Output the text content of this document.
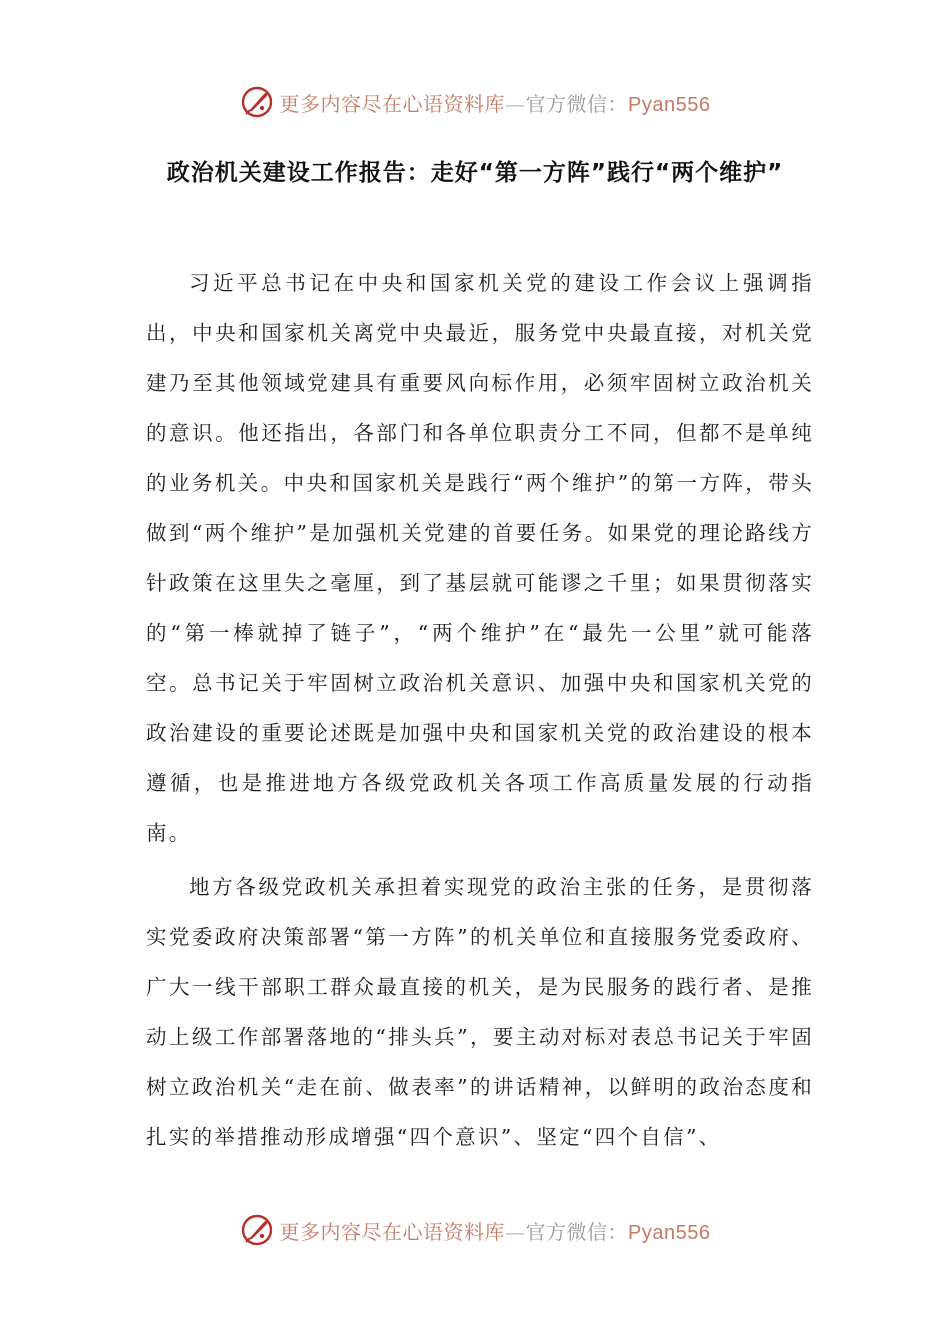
更多内容尽在心语资料库—官方微信：Pyan556
政治机关建设工作报告：走好“第一方阵”践行“两个维护”

习近平总书记在中央和国家机关党的建设工作会议上强调指出，中央和国家机关离党中央最近，服务党中央最直接，对机关党建乃至其他领域党建具有重要风向标作用，必须牢固树立政治机关的意识。他还指出，各部门和各单位职责分工不同，但都不是单纯的业务机关。中央和国家机关是践行“两个维护”的第一方阵，带头做到“两个维护”是加强机关党建的首要任务。如果党的理论路线方针政策在这里失之毫厘，到了基层就可能谬之千里；如果贯彻落实的“第一棒就掉了链子”，“两个维护”在“最先一公里”就可能落空。总书记关于牢固树立政治机关意识、加强中央和国家机关党的政治建设的重要论述既是加强中央和国家机关党的政治建设的根本遵循，也是推进地方各级党政机关各项工作高质量发展的行动指南。

地方各级党政机关承担着实现党的政治主张的任务，是贯彻落实党委政府决策部署“第一方阵”的机关单位和直接服务党委政府、广大一线干部职工群众最直接的机关，是为民服务的践行者、是推动上级工作部署落地的“排头兵”，要主动对标对表总书记关于牢固树立政治机关“走在前、做表率”的讲话精神，以鲜明的政治态度和扎实的举措推动形成增强“四个意识”、坚定“四个自信”、

更多内容尽在心语资料库—官方微信：Pyan556
